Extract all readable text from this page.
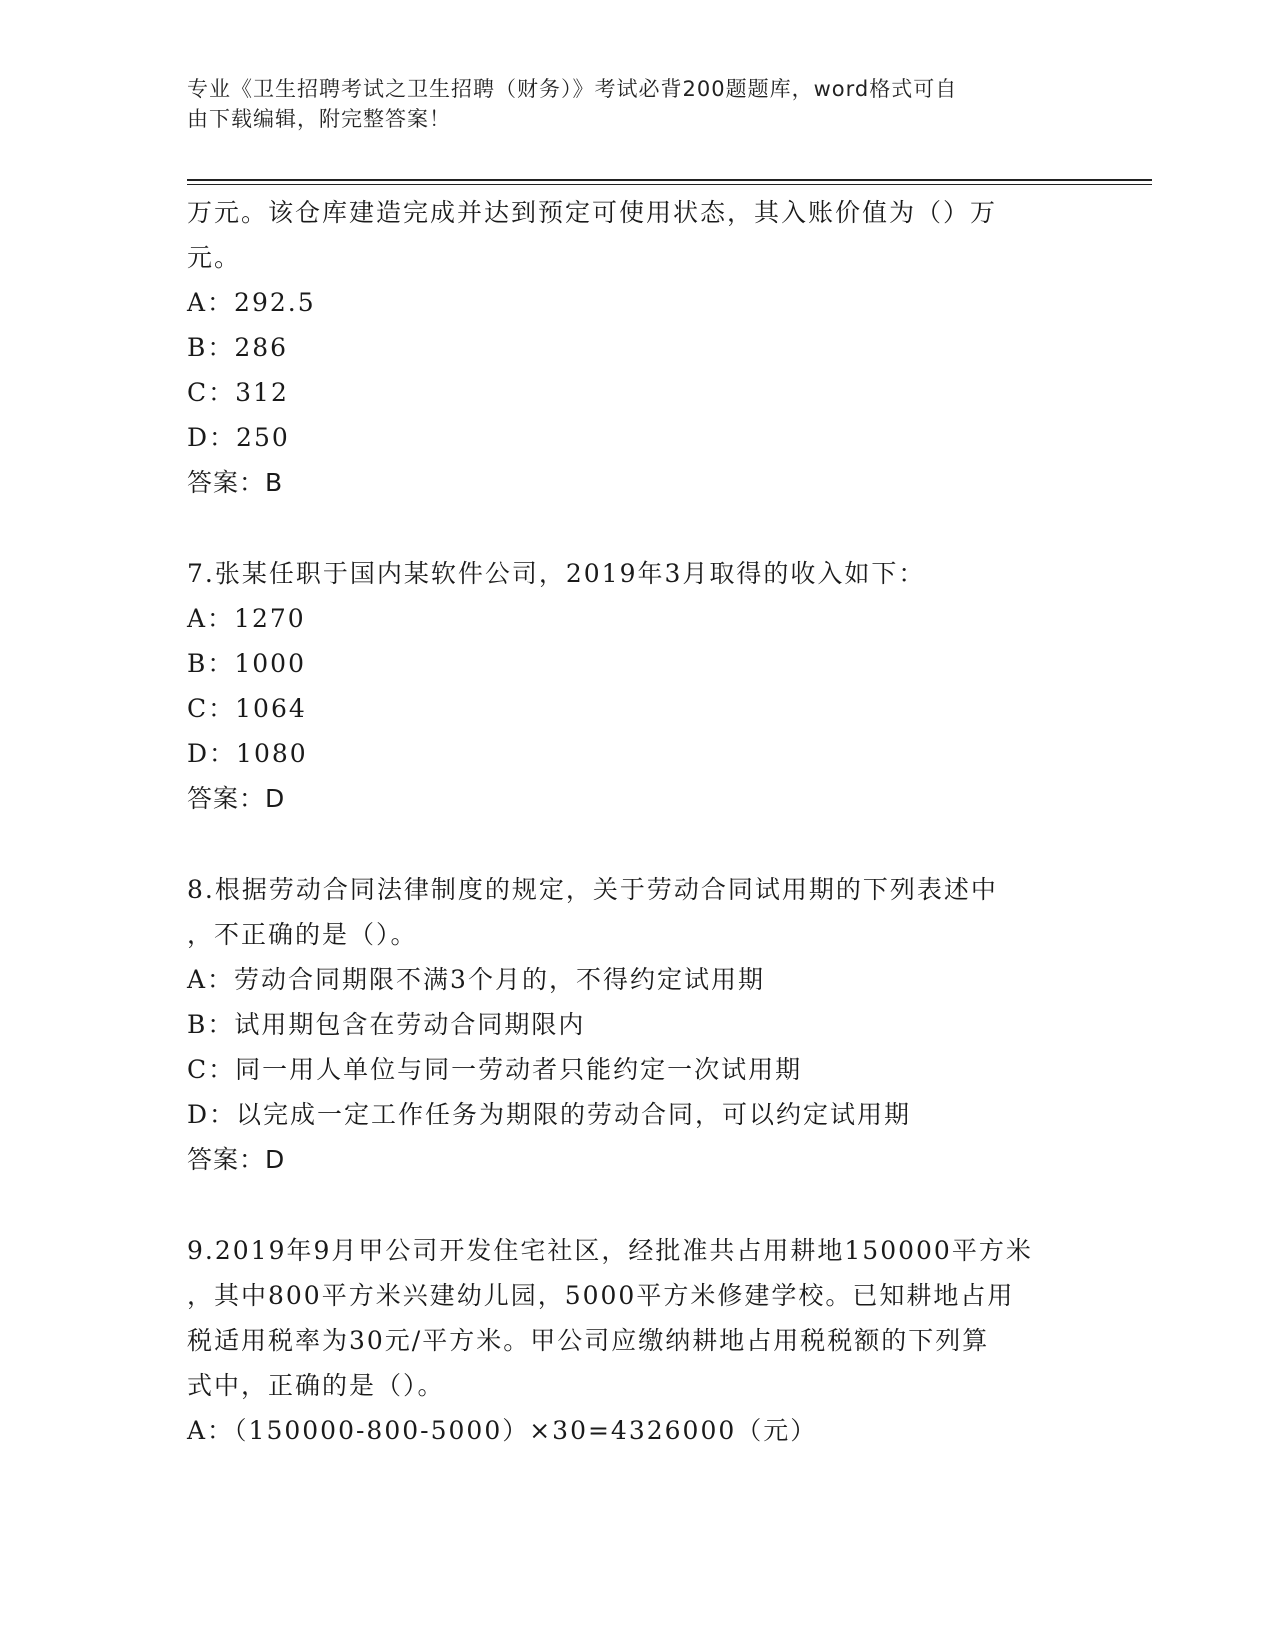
专业《卫生招聘考试之卫生招聘（财务）》考试必背200题题库，word格式可自
由下载编辑，附完整答案！
万元。该仓库建造完成并达到预定可使用状态，其入账价值为（）万
元。
A：292.5
B：286
C：312
D：250
答案：B
7.张某任职于国内某软件公司，2019年3月取得的收入如下：
A：1270
B：1000
C：1064
D：1080
答案：D
8.根据劳动合同法律制度的规定，关于劳动合同试用期的下列表述中
，不正确的是（）。
A：劳动合同期限不满3个月的，不得约定试用期
B：试用期包含在劳动合同期限内
C：同一用人单位与同一劳动者只能约定一次试用期
D：以完成一定工作任务为期限的劳动合同，可以约定试用期
答案：D
9.2019年9月甲公司开发住宅社区，经批准共占用耕地150000平方米
，其中800平方米兴建幼儿园，5000平方米修建学校。已知耕地占用
税适用税率为30元/平方米。甲公司应缴纳耕地占用税税额的下列算
式中，正确的是（）。
A：（150000-800-5000）×30=4326000（元）
